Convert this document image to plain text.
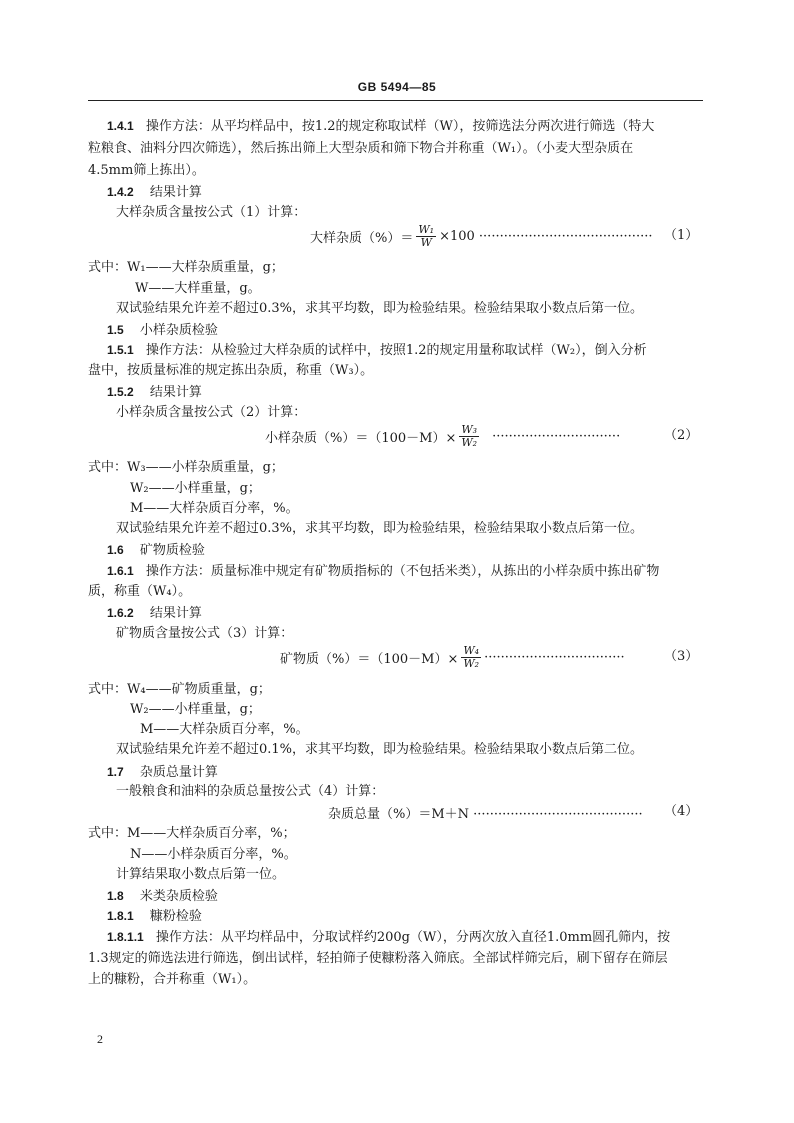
GB 5494—85
1.4.1 操作方法：从平均样品中，按1.2的规定称取试样（W），按筛选法分两次进行筛选（特大
粒粮食、油料分四次筛选），然后拣出筛上大型杂质和筛下物合并称重（W₁）。（小麦大型杂质在
4.5mm筛上拣出）。
1.4.2 结果计算
大样杂质含量按公式（1）计算：
大样杂质（%）＝ $\frac{\text{W₁}}{W} \times 100$ ·········································· （1）
式中：W₁——大样杂质重量，g；
W——大样重量，g。
双试验结果允许差不超过0.3%，求其平均数，即为检验结果。检验结果取小数点后第一位。
1.5 小样杂质检验
1.5.1 操作方法：从检验过大样杂质的试样中，按照1.2的规定用量称取试样（W₂），倒入分析
盘中，按质量标准的规定拣出杂质，称重（W₃）。
1.5.2 结果计算
小样杂质含量按公式（2）计算：
小样杂质$(\%)=(100-M)\times \frac{\text{W₃}}{\text{W₂}}$ ·······························	（2）
式中：W₃——小样杂质重量，g；
W₂——小样重量，g；
M——大样杂质百分率，%。
双试验结果允许差不超过0.3%，求其平均数，即为检验结果，检验结果取小数点后第一位。
1.6 矿物质检验
1.6.1 操作方法：质量标准中规定有矿物质指标的（不包括米类），从拣出的小样杂质中拣出矿物
质，称重（W₄）。
1.6.2 结果计算
矿物质含量按公式（3）计算：
矿物质$(\%)=(100-M)\times \frac{\text{W₄}}{\text{W₂}}$ ··································	（3）
式中：W₄——矿物质重量，g；
W₂——小样重量，g；
M——大样杂质百分率，%。
双试验结果允许差不超过0.1%，求其平均数，即为检验结果。检验结果取小数点后第二位。
1.7 杂质总量计算
一般粮食和油料的杂质总量按公式（4）计算：
杂质总量（%）＝M＋N ········································· （4）
式中：M——大样杂质百分率，%；
N——小样杂质百分率，%。
计算结果取小数点后第一位。
1.8 米类杂质检验
1.8.1 糠粉检验
1.8.1.1 操作方法：从平均样品中，分取试样约200g（W），分两次放入直径1.0mm圆孔筛内，按
1.3规定的筛选法进行筛选，倒出试样，轻拍筛子使糠粉落入筛底。全部试样筛完后，刷下留存在筛层
上的糠粉，合并称重（W₁）。
2
